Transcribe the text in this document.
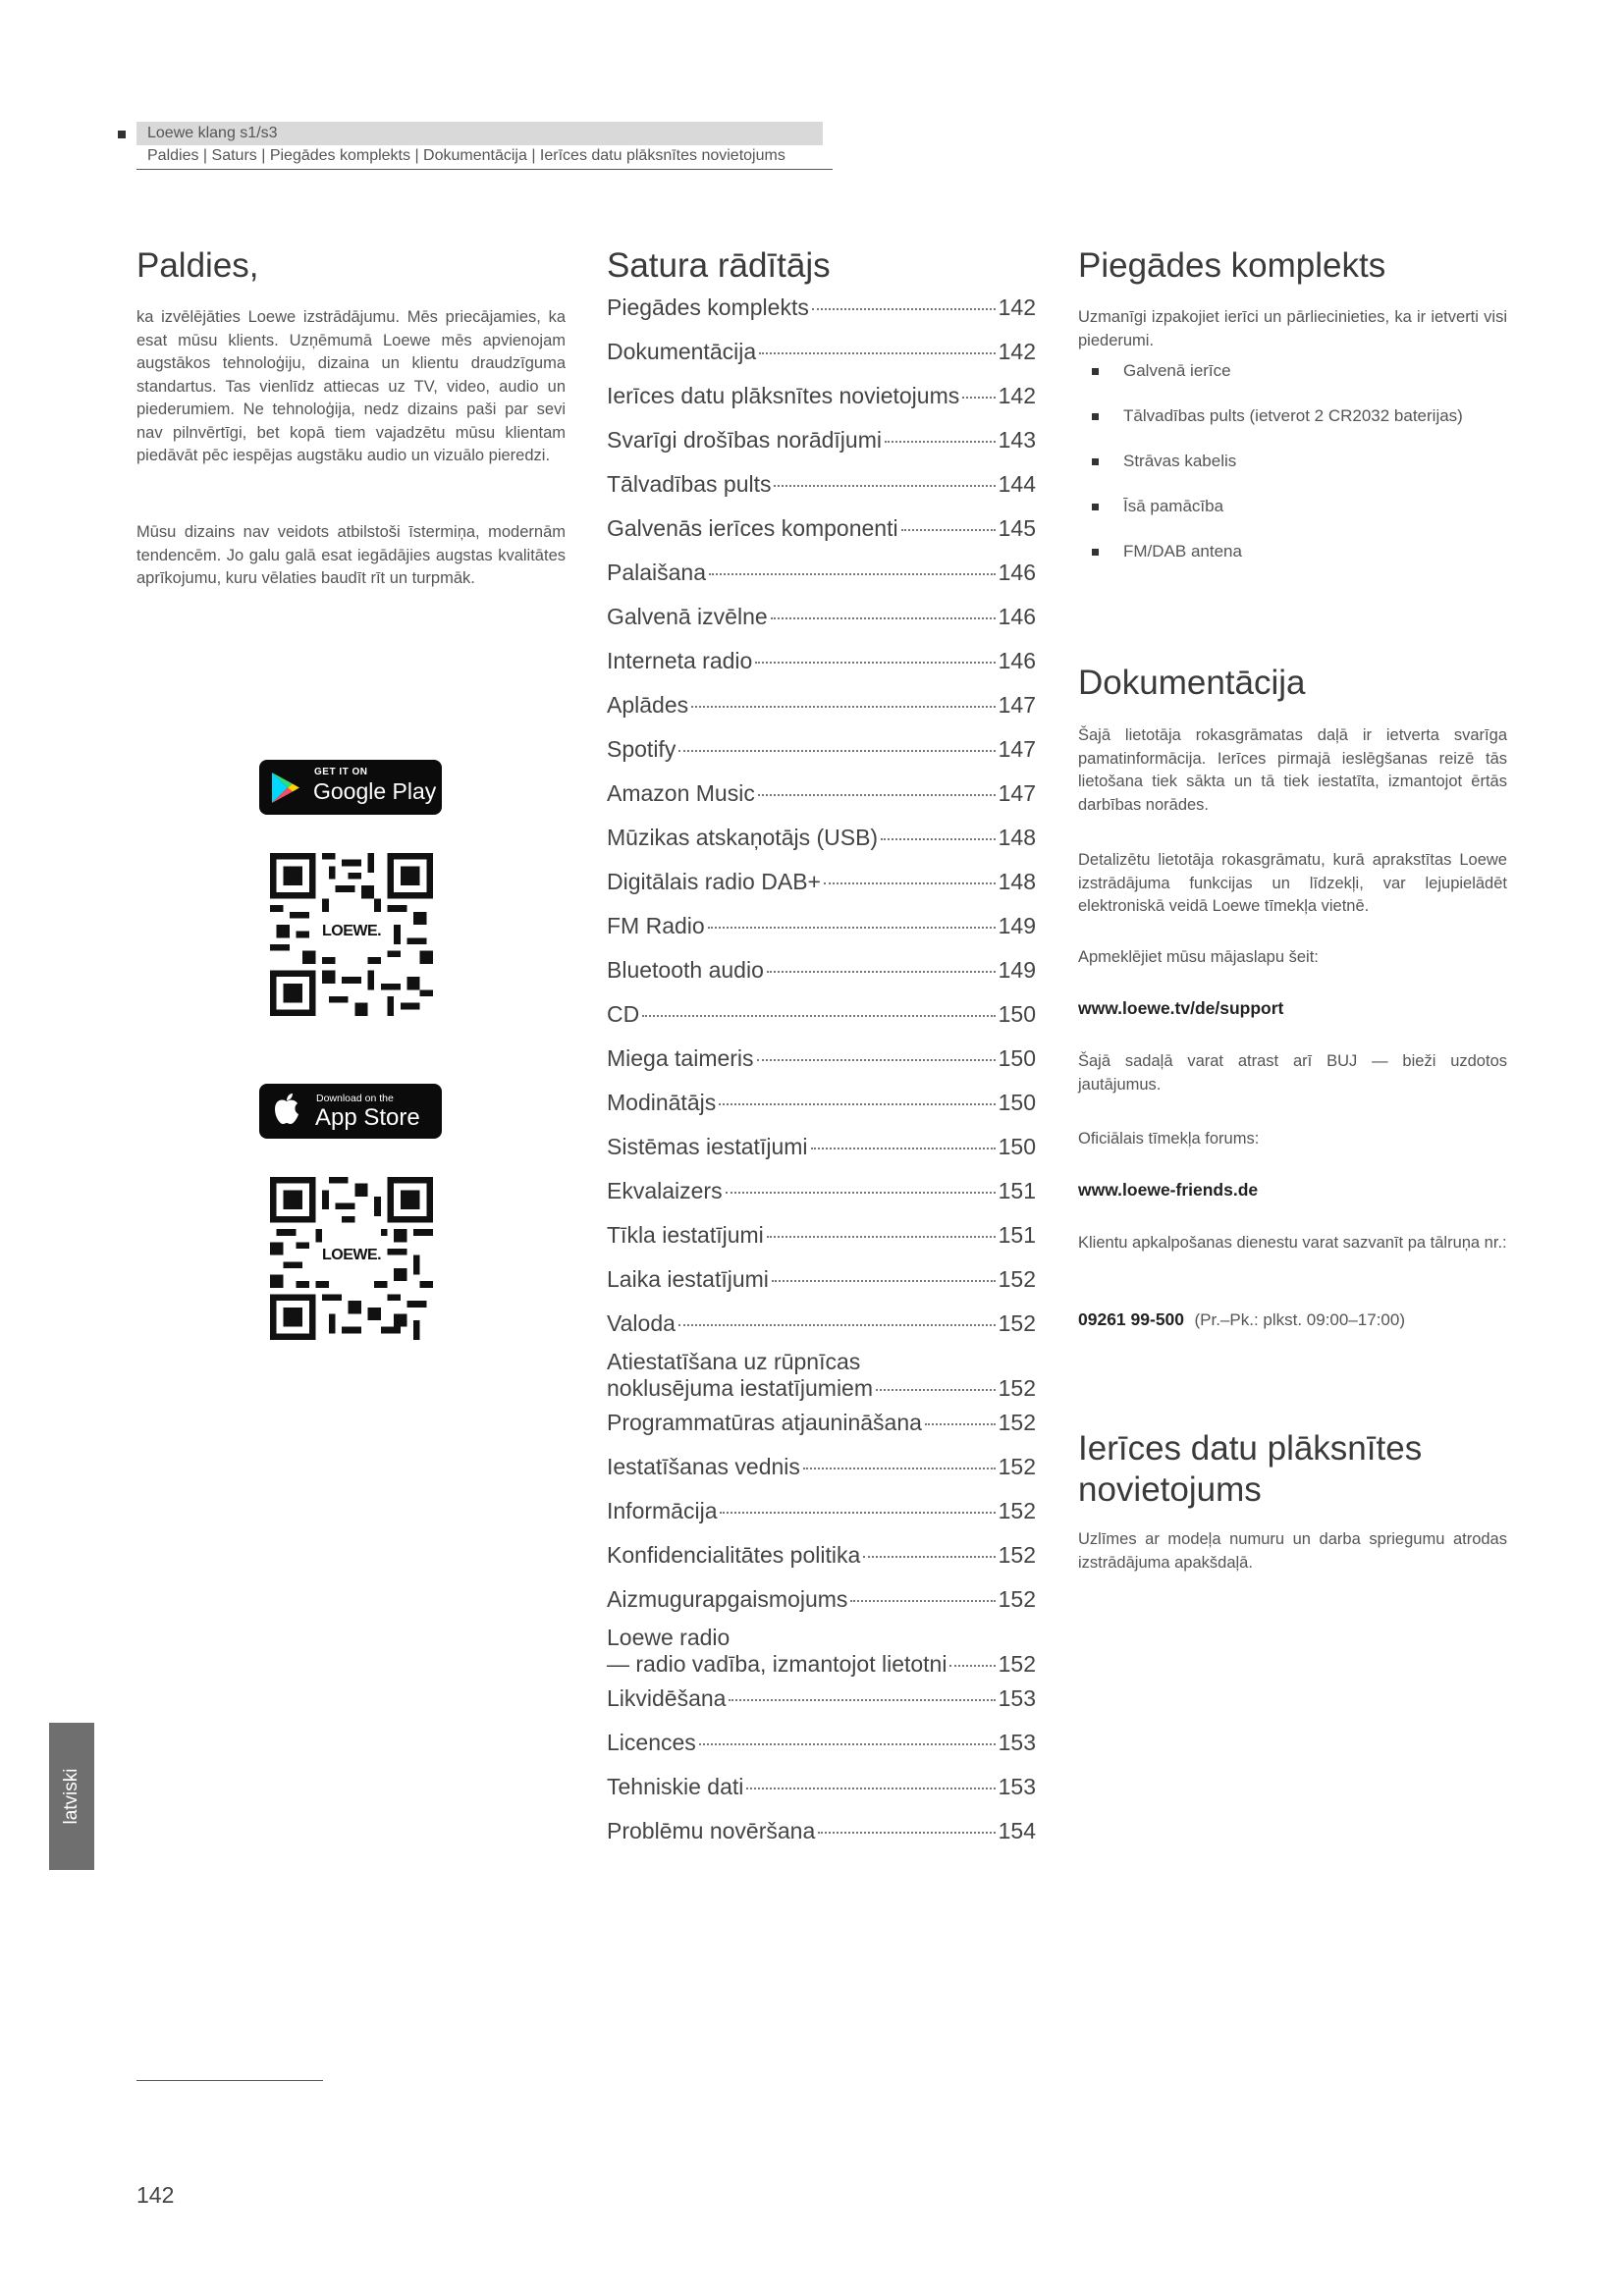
Loewe klang s1/s3
Paldies | Saturs | Piegādes komplekts | Dokumentācija | Ierīces datu plāksnītes novietojums
Paldies,

ka izvēlējāties Loewe izstrādājumu. Mēs priecājamies, ka esat mūsu klients. Uzņēmumā Loewe mēs apvienojam augstākos tehnoloģiju, dizaina un klientu draudzīguma standartus. Tas vienlīdz attiecas uz TV, video, audio un piederumiem. Ne tehnoloģija, nedz dizains paši par sevi nav pilnvērtīgi, bet kopā tiem vajadzētu mūsu klientam piedāvāt pēc iespējas augstāku audio un vizuālo pieredzi.

Mūsu dizains nav veidots atbilstoši īstermiņa, modernām tendencēm. Jo galu galā esat iegādājies augstas kvalitātes aprīkojumu, kuru vēlaties baudīt rīt un turpmāk.

GET IT ON
Google Play
LOEWE.
Download on the
App Store
LOEWE.
Satura rādītājs
Piegādes komplekts	142
Dokumentācija	142
Ierīces datu plāksnītes novietojums 142
Svarīgi drošības norādījumi	143
Tālvadības pults	144
Galvenās ierīces komponenti	145
Palaišana	146
Galvenā izvēlne	146
Interneta radio	146
Aplādes	147
Spotify	147
Amazon Music	147
Mūzikas atskaņotājs (USB)	148
Digitālais radio DAB+	148
FM Radio	149
Bluetooth audio	149
CD	150
Miega taimeris	150
Modinātājs	150
Sistēmas iestatījumi	150
Ekvalaizers	151
Tīkla iestatījumi	151
Laika iestatījumi	152
Valoda	152
Atiestatīšana uz rūpnīcas
noklusējuma iestatījumiem	152
Programmatūras atjaunināšana	152
Iestatīšanas vednis	152
Informācija	152
Konfidencialitātes politika	152
Aizmugurapgaismojums	152
Loewe radio
— radio vadība, izmantojot lietotni 152
Likvidēšana	153
Licences	153
Tehniskie dati	153
Problēmu novēršana	154
Piegādes komplekts

Uzmanīgi izpakojiet ierīci un pārliecinieties, ka ir ietverti visi piederumi.

Galvenā ierīce
Tālvadības pults (ietverot 2 CR2032 baterijas)
Strāvas kabelis
Īsā pamācība
FM/DAB antena
Dokumentācija

Šajā lietotāja rokasgrāmatas daļā ir ietverta svarīga pamatinformācija. Ierīces pirmajā ieslēgšanas reizē tās lietošana tiek sākta un tā tiek iestatīta, izmantojot ērtās darbības norādes.

Detalizētu lietotāja rokasgrāmatu, kurā aprakstītas Loewe izstrādājuma funkcijas un līdzekļi, var lejupielādēt elektroniskā veidā Loewe tīmekļa vietnē.

Apmeklējiet mūsu mājaslapu šeit:

www.loewe.tv/de/support

Šajā sadaļā varat atrast arī BUJ — bieži uzdotos jautājumus.

Oficiālais tīmekļa forums:

www.loewe-friends.de

Klientu apkalpošanas dienestu varat sazvanīt pa tālruņa nr.:

09261 99-500 (Pr.–Pk.: plkst. 09:00–17:00)
Ierīces datu plāksnītes novietojums

Uzlīmes ar modeļa numuru un darba spriegumu atrodas izstrādājuma apakšdaļā.

latviski
142
